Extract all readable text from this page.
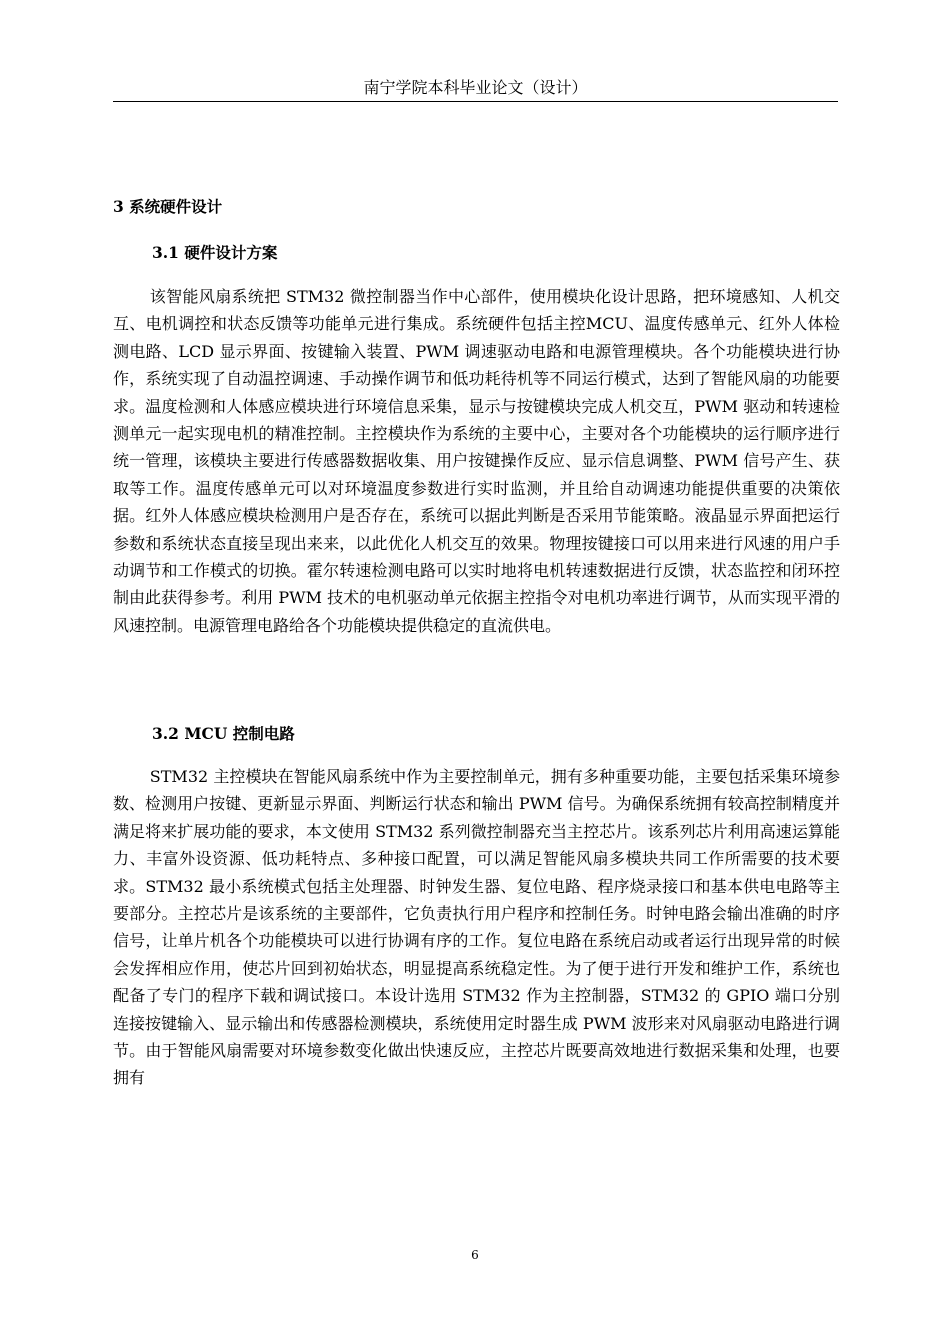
南宁学院本科毕业论文（设计）
3 系统硬件设计
3.1 硬件设计方案

该智能风扇系统把 STM32 微控制器当作中心部件，使用模块化设计思路，把环境感知、人机交互、电机调控和状态反馈等功能单元进行集成。系统硬件包括主控MCU、温度传感单元、红外人体检测电路、LCD 显示界面、按键输入装置、PWM 调速驱动电路和电源管理模块。各个功能模块进行协作，系统实现了自动温控调速、手动操作调节和低功耗待机等不同运行模式，达到了智能风扇的功能要求。温度检测和人体感应模块进行环境信息采集，显示与按键模块完成人机交互，PWM 驱动和转速检测单元一起实现电机的精准控制。主控模块作为系统的主要中心，主要对各个功能模块的运行顺序进行统一管理，该模块主要进行传感器数据收集、用户按键操作反应、显示信息调整、PWM 信号产生、获取等工作。温度传感单元可以对环境温度参数进行实时监测，并且给自动调速功能提供重要的决策依据。红外人体感应模块检测用户是否存在，系统可以据此判断是否采用节能策略。液晶显示界面把运行参数和系统状态直接呈现出来来，以此优化人机交互的效果。物理按键接口可以用来进行风速的用户手动调节和工作模式的切换。霍尔转速检测电路可以实时地将电机转速数据进行反馈，状态监控和闭环控制由此获得参考。利用 PWM 技术的电机驱动单元依据主控指令对电机功率进行调节，从而实现平滑的风速控制。电源管理电路给各个功能模块提供稳定的直流供电。

3.2 MCU 控制电路

STM32 主控模块在智能风扇系统中作为主要控制单元，拥有多种重要功能，主要包括采集环境参数、检测用户按键、更新显示界面、判断运行状态和输出 PWM 信号。为确保系统拥有较高控制精度并满足将来扩展功能的要求，本文使用 STM32 系列微控制器充当主控芯片。该系列芯片利用高速运算能力、丰富外设资源、低功耗特点、多种接口配置，可以满足智能风扇多模块共同工作所需要的技术要求。STM32 最小系统模式包括主处理器、时钟发生器、复位电路、程序烧录接口和基本供电电路等主要部分。主控芯片是该系统的主要部件，它负责执行用户程序和控制任务。时钟电路会输出准确的时序信号，让单片机各个功能模块可以进行协调有序的工作。复位电路在系统启动或者运行出现异常的时候会发挥相应作用，使芯片回到初始状态，明显提高系统稳定性。为了便于进行开发和维护工作，系统也配备了专门的程序下载和调试接口。本设计选用 STM32 作为主控制器，STM32 的 GPIO 端口分别连接按键输入、显示输出和传感器检测模块，系统使用定时器生成 PWM 波形来对风扇驱动电路进行调节。由于智能风扇需要对环境参数变化做出快速反应，主控芯片既要高效地进行数据采集和处理，也要拥有

6
